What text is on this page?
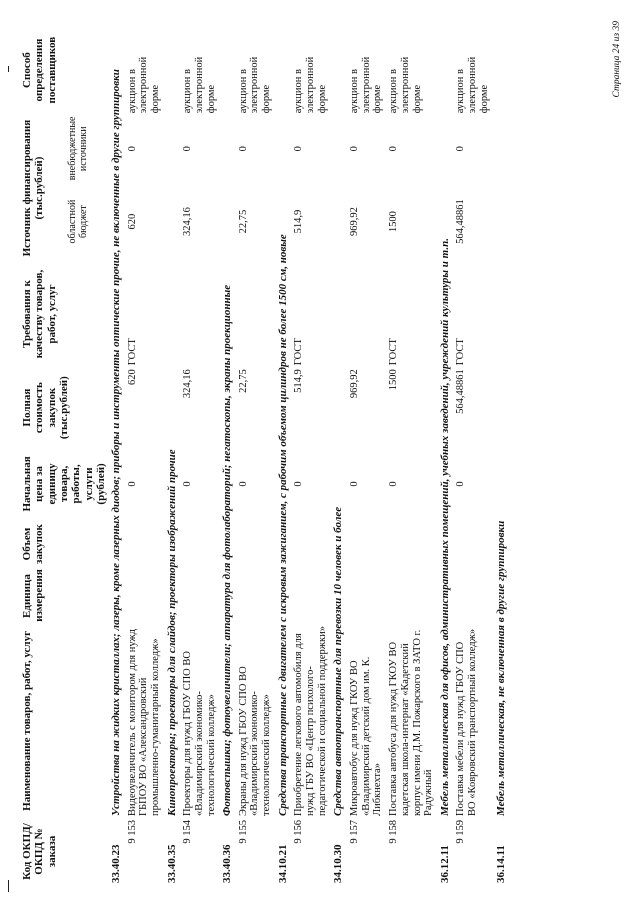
Код ОКПД/ ОКПД № заказа	Наименование товаров, работ, услуг	Единица измерения	Объем закупок	Начальная цена за единицу товара, работы, услуги (рублей)	Полная стоимость закупок (тыс.рублей)	Требования к качеству товаров, работ, услуг	Источник финансирования (тыс.рублей)		Способ определения поставщиков
							областной бюджет	внебюджетные источники	
33.40.23	Устройства на жидких кристаллах; лазеры, кроме лазерных диодов; приборы и инструменты оптические прочие, не включенные в другие группировки								
9 153	Видеоувеличитель с монитором для нужд ГБПОУ ВО «Александровский промышленно-гуманитарный колледж»			0	620	ГОСТ	620	0	аукцион в электронной форме
33.40.35	Кинопроекторы; проекторы для слайдов; проекторы изображений прочие								
9 154	Проекторы для нужд ГБОУ СПО ВО «Владимирский экономико-технологический колледж»			0	324,16		324,16	0	аукцион в электронной форме
33.40.36	Фотовспышки; фотоувеличители; аппаратура для фотолабораторий; негатоскопы, экраны проекционные								
9 155	Экраны для нужд ГБОУ СПО ВО «Владимирский экономико-технологический колледж»			0	22,75		22,75	0	аукцион в электронной форме
34.10.21	Средства транспортные с двигателем с искровым зажиганием, с рабочим объемом цилиндров не более 1500 см, новые								
9 156	Приобретение легкового автомобиля для нужд ГБУ ВО «Центр психолого-педагогической и социальной поддержки»			0	514,9	ГОСТ	514,9	0	аукцион в электронной форме
34.10.30	Средства автотранспортные для перевозки 10 человек и более								
9 157	Микроавтобус для нужд ГКОУ ВО «Владимирский детский дом им. К. Либкнехта»			0	969,92		969,92	0	аукцион в электронной форме
9 158	Поставка автобуса для нужд ГКОУ ВО кадетская школа-интернат «Кадетский корпус имени Д.М. Пожарского в ЗАТО г. Радужный			0	1500	ГОСТ	1500	0	аукцион в электронной форме
36.12.11	Мебель металлическая для офисов, административных помещений, учебных заведений, учреждений культуры и т.п.								
9 159	Поставка мебели для нужд ГБОУ СПО ВО «Ковровский транспортный колледж»			0	564,48861	ГОСТ	564,48861	0	аукцион в электронной форме
36.14.11	Мебель металлическая, не включенная в другие группировки								
Страница 24 из 39
